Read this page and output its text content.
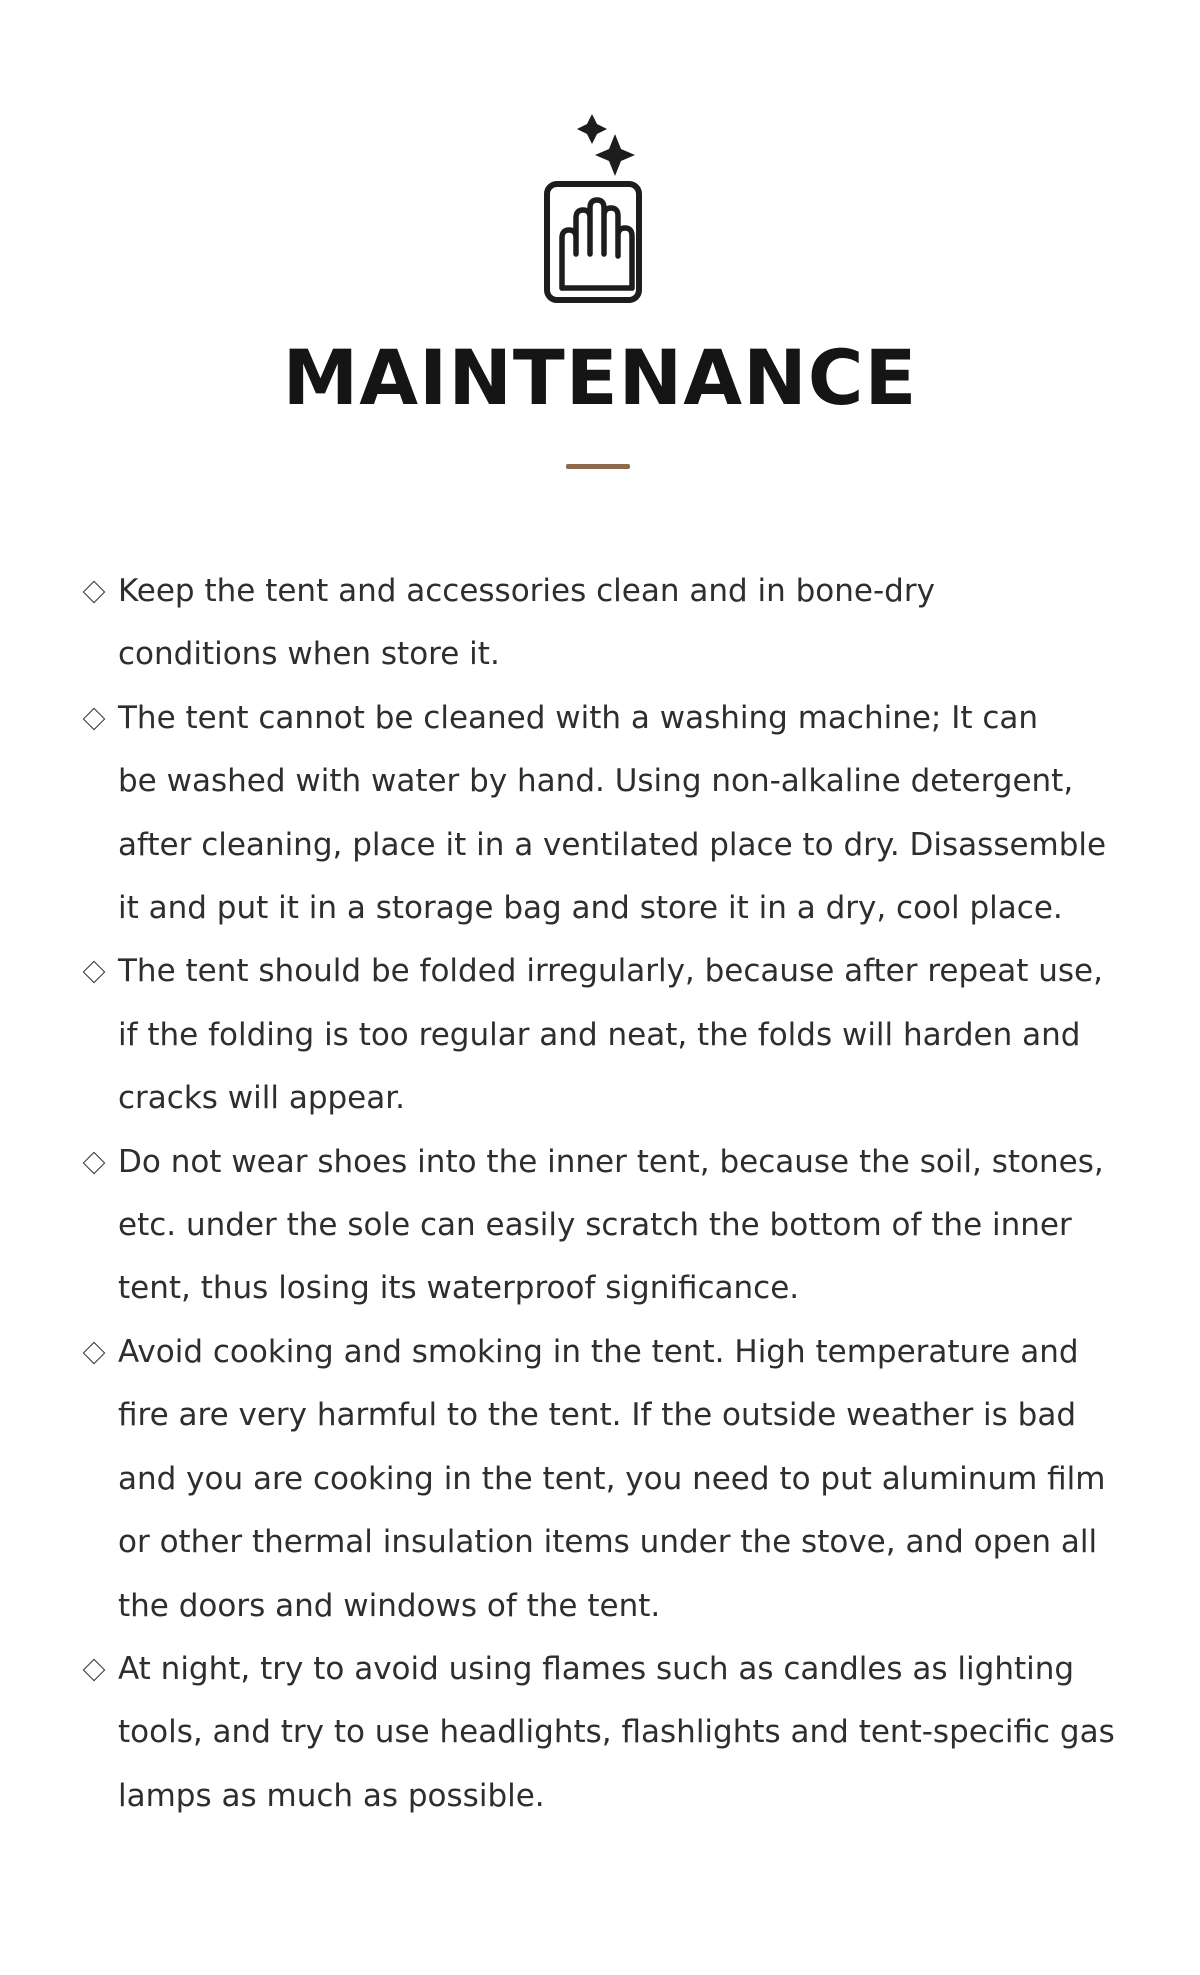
MAINTENANCE
Keep the tent and accessories clean and in bone-dry
conditions when store it.
The tent cannot be cleaned with a washing machine; It can
be washed with water by hand. Using non-alkaline detergent,
after cleaning, place it in a ventilated place to dry. Disassemble
it and put it in a storage bag and store it in a dry, cool place.
The tent should be folded irregularly, because after repeat use,
if the folding is too regular and neat, the folds will harden and
cracks will appear.
Do not wear shoes into the inner tent, because the soil, stones,
etc. under the sole can easily scratch the bottom of the inner
tent, thus losing its waterproof significance.
Avoid cooking and smoking in the tent. High temperature and
fire are very harmful to the tent. If the outside weather is bad
and you are cooking in the tent, you need to put aluminum film
or other thermal insulation items under the stove, and open all
the doors and windows of the tent.
At night, try to avoid using flames such as candles as lighting
tools, and try to use headlights, flashlights and tent-specific gas
lamps as much as possible.
